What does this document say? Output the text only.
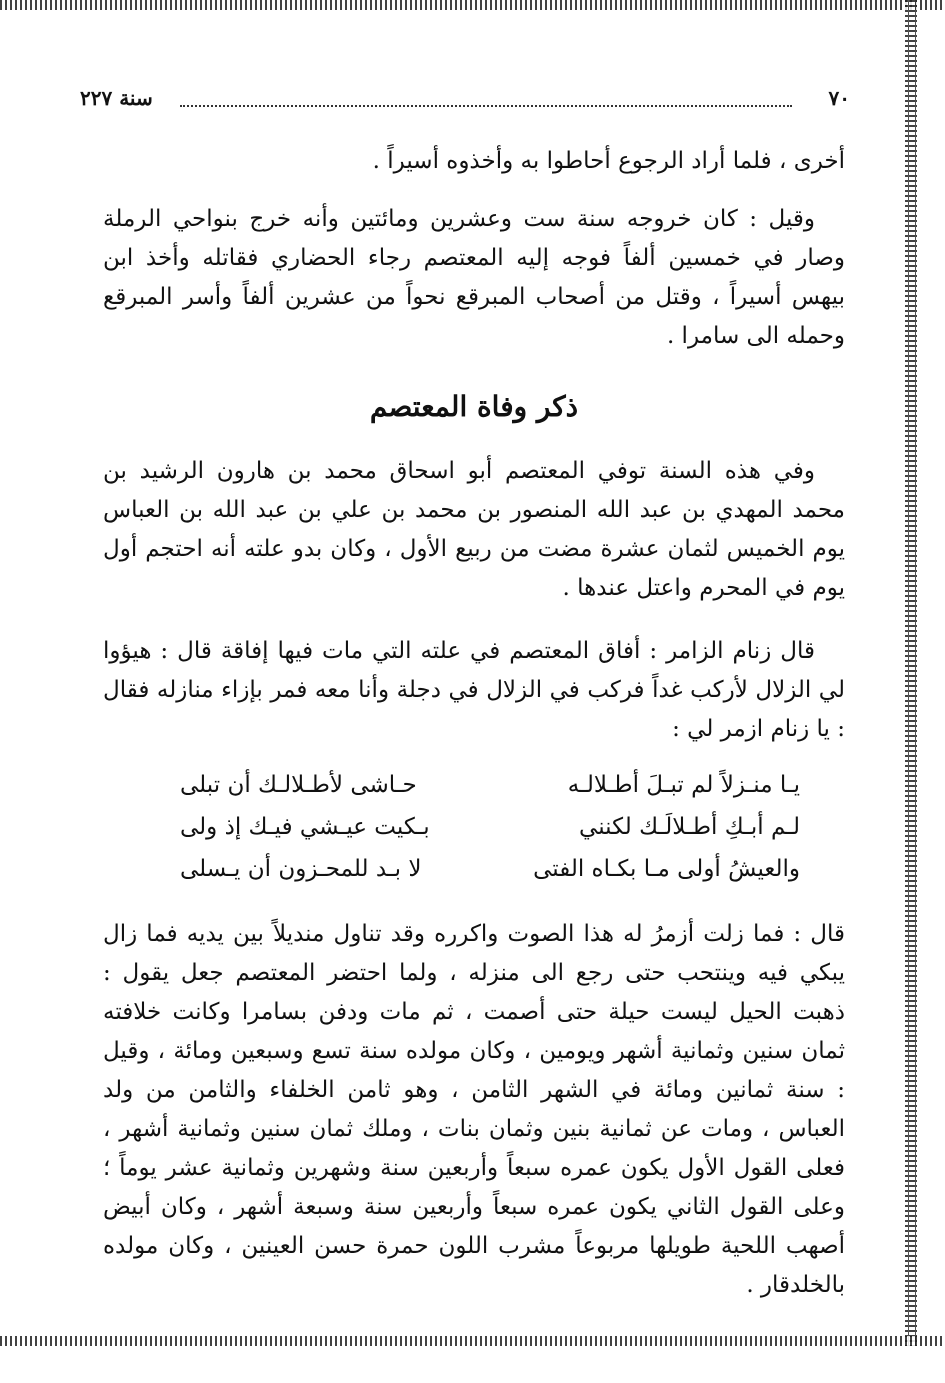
٧٠
سنة ٢٢٧
أخرى ، فلما أراد الرجوع أحاطوا به وأخذوه أسيراً .
وقيل : كان خروجه سنة ست وعشرين ومائتين وأنه خرج بنواحي الرملة وصار في خمسين ألفاً فوجه إليه المعتصم رجاء الحضاري فقاتله وأخذ ابن بيهس أسيراً ، وقتل من أصحاب المبرقع نحواً من عشرين ألفاً وأسر المبرقع وحمله الى سامرا .
ذكر وفاة المعتصم
وفي هذه السنة توفي المعتصم أبو اسحاق محمد بن هارون الرشيد بن محمد المهدي بن عبد الله المنصور بن محمد بن علي بن عبد الله بن العباس يوم الخميس لثمان عشرة مضت من ربيع الأول ، وكان بدو علته أنه احتجم أول يوم في المحرم واعتل عندها .
قال زنام الزامر : أفاق المعتصم في علته التي مات فيها إفاقة قال : هيؤوا لي الزلال لأركب غداً فركب في الزلال في دجلة وأنا معه فمر بإزاء منازله فقال : يا زنام ازمر لي :
يـا منـزلاً لم تبـلَ أطـلالـه
حـاشى لأطـلالـك أن تبلى
لـم أبـكِ أطـلالَـك لكنني
بـكيت عيـشي فيـك إذ ولى
والعيشُ أولى مـا بكـاه الفتى
لا بـد للمحـزون أن يـسلى
قال : فما زلت أزمرُ له هذا الصوت واكرره وقد تناول منديلاً بين يديه فما زال يبكي فيه وينتحب حتى رجع الى منزله ، ولما احتضر المعتصم جعل يقول : ذهبت الحيل ليست حيلة حتى أصمت ، ثم مات ودفن بسامرا وكانت خلافته ثمان سنين وثمانية أشهر ويومين ، وكان مولده سنة تسع وسبعين ومائة ، وقيل : سنة ثمانين ومائة في الشهر الثامن ، وهو ثامن الخلفاء والثامن من ولد العباس ، ومات عن ثمانية بنين وثمان بنات ، وملك ثمان سنين وثمانية أشهر ، فعلى القول الأول يكون عمره سبعاً وأربعين سنة وشهرين وثمانية عشر يوماً ؛ وعلى القول الثاني يكون عمره سبعاً وأربعين سنة وسبعة أشهر ، وكان أبيض أصهب اللحية طويلها مربوعاً مشرب اللون حمرة حسن العينين ، وكان مولده بالخلدقار .
